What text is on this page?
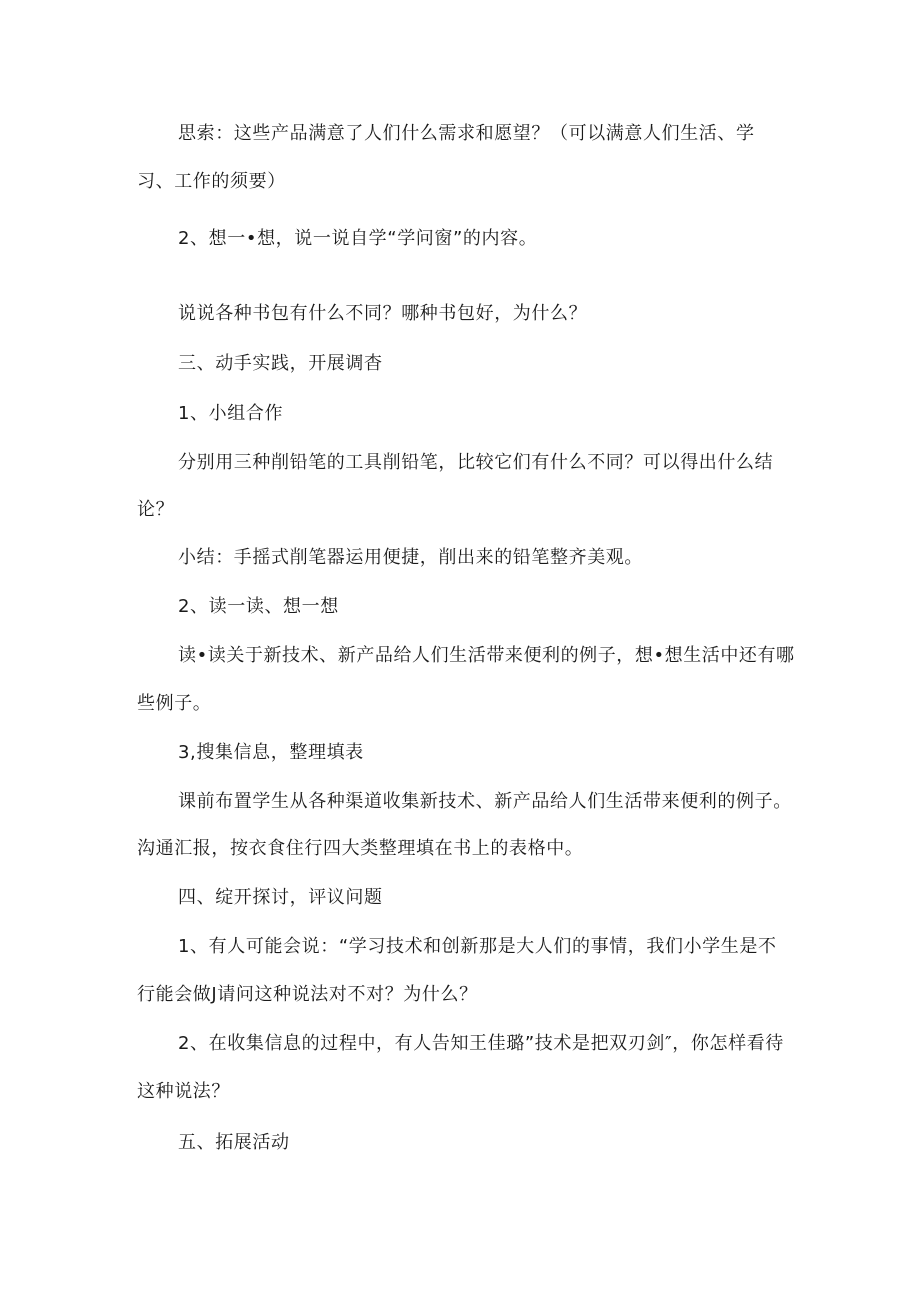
思索：这些产品满意了人们什么需求和愿望？（可以满意人们生活、学

习、工作的须要）

2、想一•想，说一说自学“学问窗”的内容。

说说各种书包有什么不同？哪种书包好，为什么？

三、动手实践，开展调杳

1、小组合作

分别用三种削铅笔的工具削铅笔，比较它们有什么不同？可以得出什么结

论？

小结：手摇式削笔器运用便捷，削出来的铅笔整齐美观。

2、读一读、想一想

读•读关于新技术、新产品给人们生活带来便利的例子，想•想生活中还有哪

些例子。

3,搜集信息，整理填表

课前布置学生从各种渠道收集新技术、新产品给人们生活带来便利的例子。

沟通汇报，按衣食住行四大类整理填在书上的表格中。

四、绽开探讨，评议问题

1、有人可能会说：“学习技术和创新那是大人们的事情，我们小学生是不

行能会做J请问这种说法对不对？为什么？

2、在收集信息的过程中，有人告知王佳璐”技术是把双刃剑″，你怎样看待

这种说法？

五、拓展活动
